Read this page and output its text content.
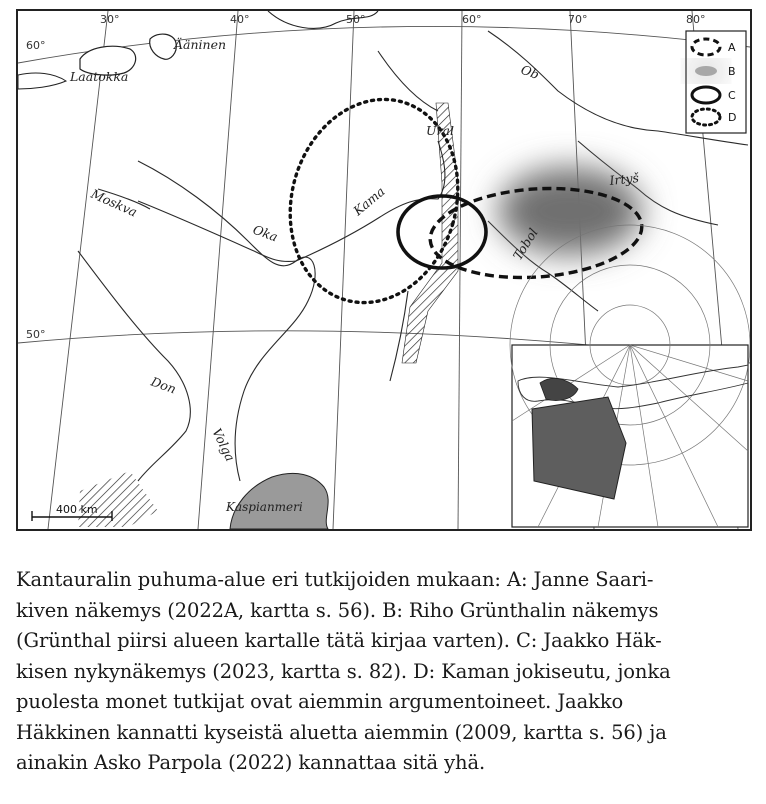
30°	40°	50°	60°	70°	80°
60°
50°
Ääninen
Laatokka	Ob
Ural
Irtyš
Kama
Moskva
Oka	Tobol
Don
Volga
Kaspianmeri
400 km
A
B
C
D
Kantauralin puhuma-alue eri tutkijoiden mukaan: A: Janne Saari-
kiven näkemys (2022A, kartta s. 56). B: Riho Grünthalin näkemys
(Grünthal piirsi alueen kartalle tätä kirjaa varten). C: Jaakko Häk-
kisen nykynäkemys (2023, kartta s. 82). D: Kaman jokiseutu, jonka
puolesta monet tutkijat ovat aiemmin argumentoineet. Jaakko
Häkkinen kannatti kyseistä aluetta aiemmin (2009, kartta s. 56) ja
ainakin Asko Parpola (2022) kannattaa sitä yhä.
